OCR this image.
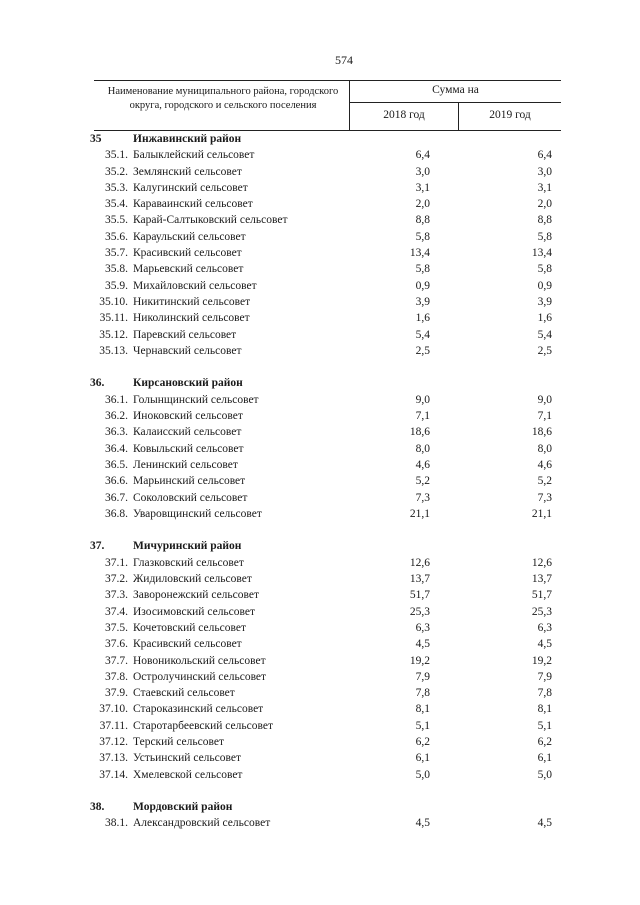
574
Наименование муниципального района, городского округа, городского и сельского поселения
Сумма на
2018 год	2019 год
35	Инжавинский район
35.1. Балыклейский сельсовет	6,4	6,4
35.2. Землянский сельсовет	3,0	3,0
35.3. Калугинский сельсовет	3,1	3,1
35.4. Караваинский сельсовет	2,0	2,0
35.5. Карай-Салтыковский сельсовет	8,8	8,8
35.6. Караульский сельсовет	5,8	5,8
35.7. Красивский сельсовет	13,4	13,4
35.8. Марьевский сельсовет	5,8	5,8
35.9. Михайловский сельсовет	0,9	0,9
35.10. Никитинский сельсовет	3,9	3,9
35.11. Николинский сельсовет	1,6	1,6
35.12. Паревский сельсовет	5,4	5,4
35.13. Чернавский сельсовет	2,5	2,5
36.	Кирсановский район
36.1. Голынщинский сельсовет	9,0	9,0
36.2. Иноковский сельсовет	7,1	7,1
36.3. Калаисский сельсовет	18,6	18,6
36.4. Ковыльский сельсовет	8,0	8,0
36.5. Ленинский сельсовет	4,6	4,6
36.6. Марьинский сельсовет	5,2	5,2
36.7. Соколовский сельсовет	7,3	7,3
36.8. Уваровщинский сельсовет	21,1	21,1
37.	Мичуринский район
37.1. Глазковский сельсовет	12,6	12,6
37.2. Жидиловский сельсовет	13,7	13,7
37.3. Заворонежский сельсовет	51,7	51,7
37.4. Изосимовский сельсовет	25,3	25,3
37.5. Кочетовский сельсовет	6,3	6,3
37.6. Красивский сельсовет	4,5	4,5
37.7. Новоникольский сельсовет	19,2	19,2
37.8. Остролучинский сельсовет	7,9	7,9
37.9. Стаевский сельсовет	7,8	7,8
37.10. Староказинский сельсовет	8,1	8,1
37.11. Старотарбеевский сельсовет	5,1	5,1
37.12. Терский сельсовет	6,2	6,2
37.13. Устьинский сельсовет	6,1	6,1
37.14. Хмелевской сельсовет	5,0	5,0
38.	Мордовский район
38.1. Александровский сельсовет	4,5	4,5
